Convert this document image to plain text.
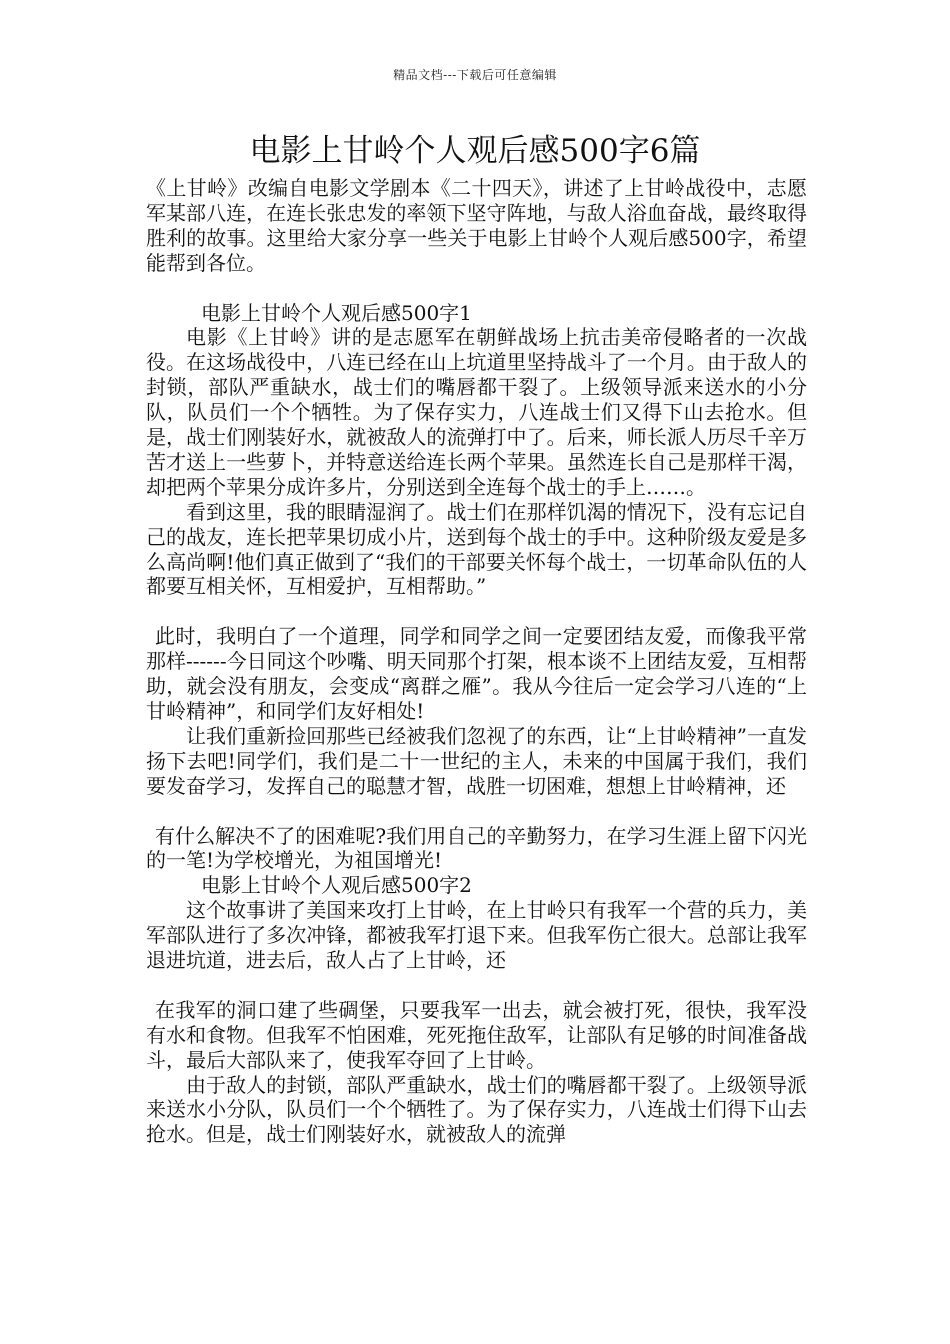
精品文档---下载后可任意编辑
电影上甘岭个人观后感500字6篇

《上甘岭》改编自电影文学剧本《二十四天》，讲述了上甘岭战役中，志愿军某部八连，在连长张忠发的率领下坚守阵地，与敌人浴血奋战，最终取得胜利的故事。这里给大家分享一些关于电影上甘岭个人观后感500字，希望能帮到各位。

电影上甘岭个人观后感500字1

电影《上甘岭》讲的是志愿军在朝鲜战场上抗击美帝侵略者的一次战役。在这场战役中，八连已经在山上坑道里坚持战斗了一个月。由于敌人的封锁，部队严重缺水，战士们的嘴唇都干裂了。上级领导派来送水的小分队，队员们一个个牺牲。为了保存实力，八连战士们又得下山去抢水。但是，战士们刚装好水，就被敌人的流弹打中了。后来，师长派人历尽千辛万苦才送上一些萝卜，并特意送给连长两个苹果。虽然连长自己是那样干渴，却把两个苹果分成许多片，分别送到全连每个战士的手上……。

看到这里，我的眼睛湿润了。战士们在那样饥渴的情况下，没有忘记自己的战友，连长把苹果切成小片，送到每个战士的手中。这种阶级友爱是多么高尚啊!他们真正做到了“我们的干部要关怀每个战士，一切革命队伍的人都要互相关怀，互相爱护，互相帮助。”

此时，我明白了一个道理，同学和同学之间一定要团结友爱，而像我平常那样------今日同这个吵嘴、明天同那个打架，根本谈不上团结友爱，互相帮助，就会没有朋友，会变成“离群之雁”。我从今往后一定会学习八连的“上甘岭精神”，和同学们友好相处!

让我们重新捡回那些已经被我们忽视了的东西，让“上甘岭精神”一直发扬下去吧!同学们，我们是二十一世纪的主人，未来的中国属于我们，我们要发奋学习，发挥自己的聪慧才智，战胜一切困难，想想上甘岭精神，还

有什么解决不了的困难呢?我们用自己的辛勤努力，在学习生涯上留下闪光的一笔!为学校增光，为祖国增光!

电影上甘岭个人观后感500字2

这个故事讲了美国来攻打上甘岭，在上甘岭只有我军一个营的兵力，美军部队进行了多次冲锋，都被我军打退下来。但我军伤亡很大。总部让我军退进坑道，进去后，敌人占了上甘岭，还

在我军的洞口建了些碉堡，只要我军一出去，就会被打死，很快，我军没有水和食物。但我军不怕困难，死死拖住敌军，让部队有足够的时间准备战斗，最后大部队来了，使我军夺回了上甘岭。

由于敌人的封锁，部队严重缺水，战士们的嘴唇都干裂了。上级领导派来送水小分队，队员们一个个牺牲了。为了保存实力，八连战士们得下山去抢水。但是，战士们刚装好水，就被敌人的流弹
